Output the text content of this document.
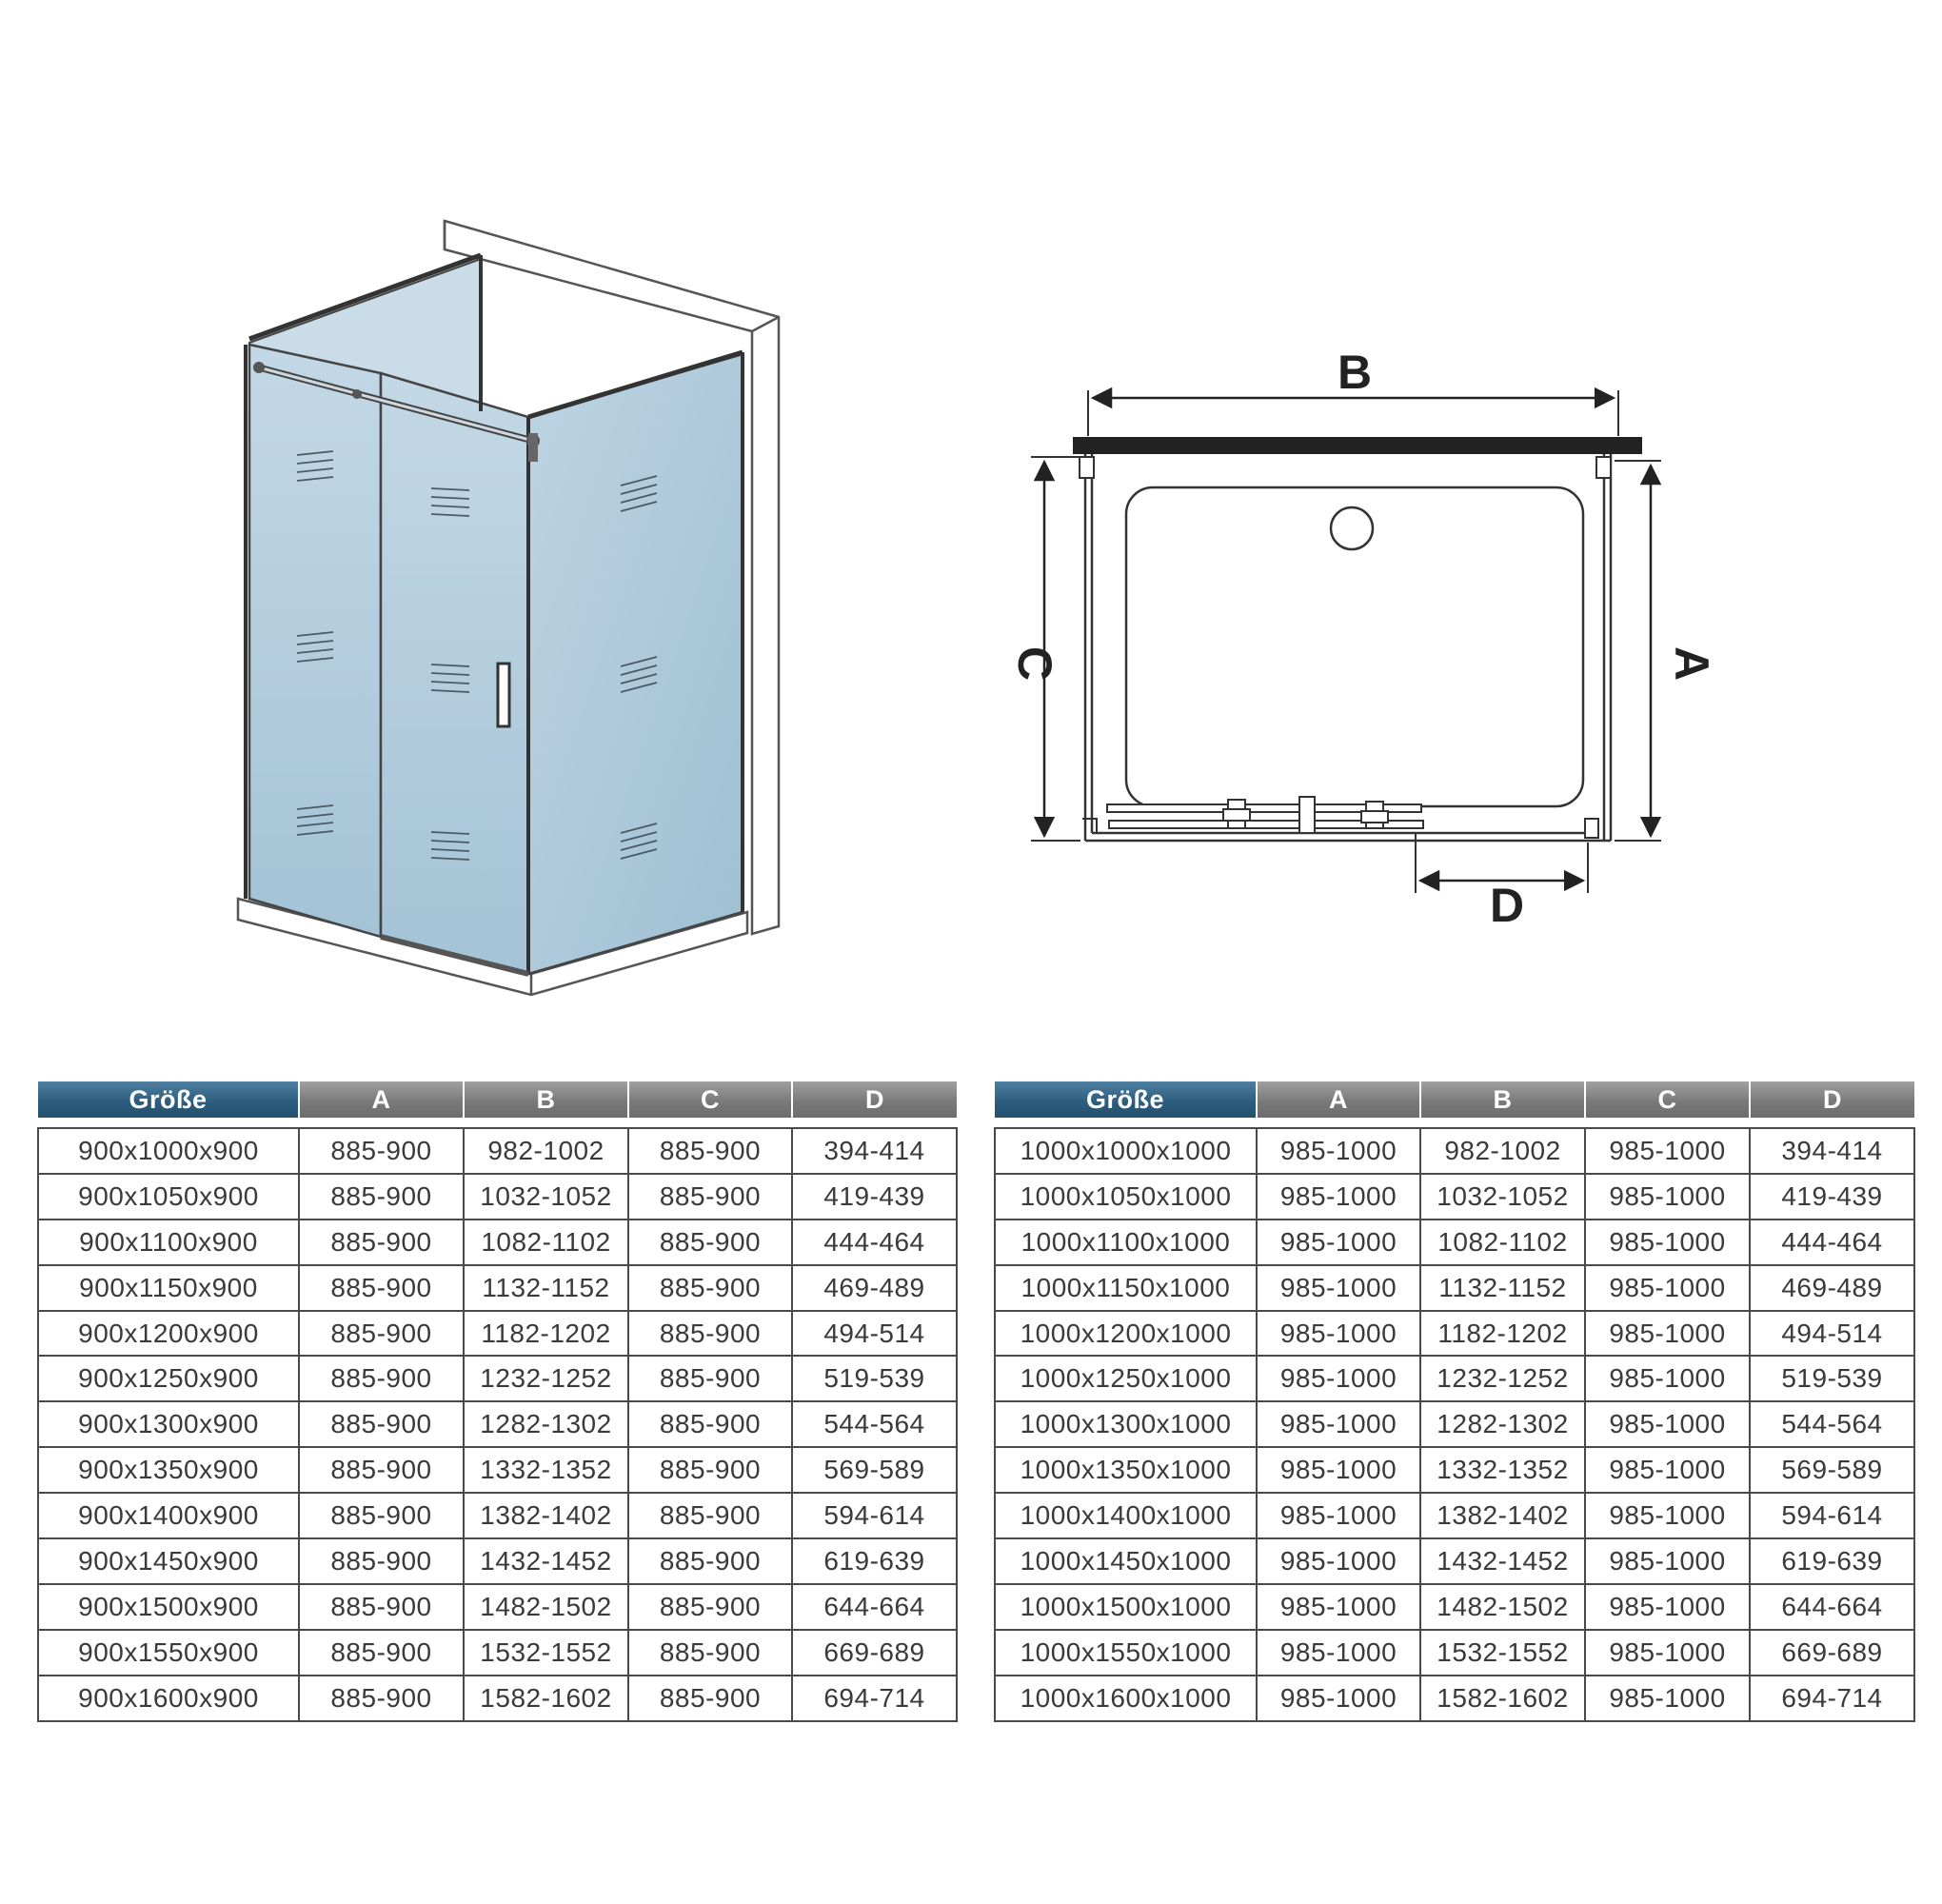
B
D
A
C
Größe	A	B	C	D

900x1000x900	885-900	982-1002	885-900	394-414
900x1050x900	885-900	1032-1052	885-900	419-439
900x1100x900	885-900	1082-1102	885-900	444-464
900x1150x900	885-900	1132-1152	885-900	469-489
900x1200x900	885-900	1182-1202	885-900	494-514
900x1250x900	885-900	1232-1252	885-900	519-539
900x1300x900	885-900	1282-1302	885-900	544-564
900x1350x900	885-900	1332-1352	885-900	569-589
900x1400x900	885-900	1382-1402	885-900	594-614
900x1450x900	885-900	1432-1452	885-900	619-639
900x1500x900	885-900	1482-1502	885-900	644-664
900x1550x900	885-900	1532-1552	885-900	669-689
900x1600x900	885-900	1582-1602	885-900	694-714
Größe	A	B	C	D

1000x1000x1000	985-1000	982-1002	985-1000	394-414
1000x1050x1000	985-1000	1032-1052	985-1000	419-439
1000x1100x1000	985-1000	1082-1102	985-1000	444-464
1000x1150x1000	985-1000	1132-1152	985-1000	469-489
1000x1200x1000	985-1000	1182-1202	985-1000	494-514
1000x1250x1000	985-1000	1232-1252	985-1000	519-539
1000x1300x1000	985-1000	1282-1302	985-1000	544-564
1000x1350x1000	985-1000	1332-1352	985-1000	569-589
1000x1400x1000	985-1000	1382-1402	985-1000	594-614
1000x1450x1000	985-1000	1432-1452	985-1000	619-639
1000x1500x1000	985-1000	1482-1502	985-1000	644-664
1000x1550x1000	985-1000	1532-1552	985-1000	669-689
1000x1600x1000	985-1000	1582-1602	985-1000	694-714
